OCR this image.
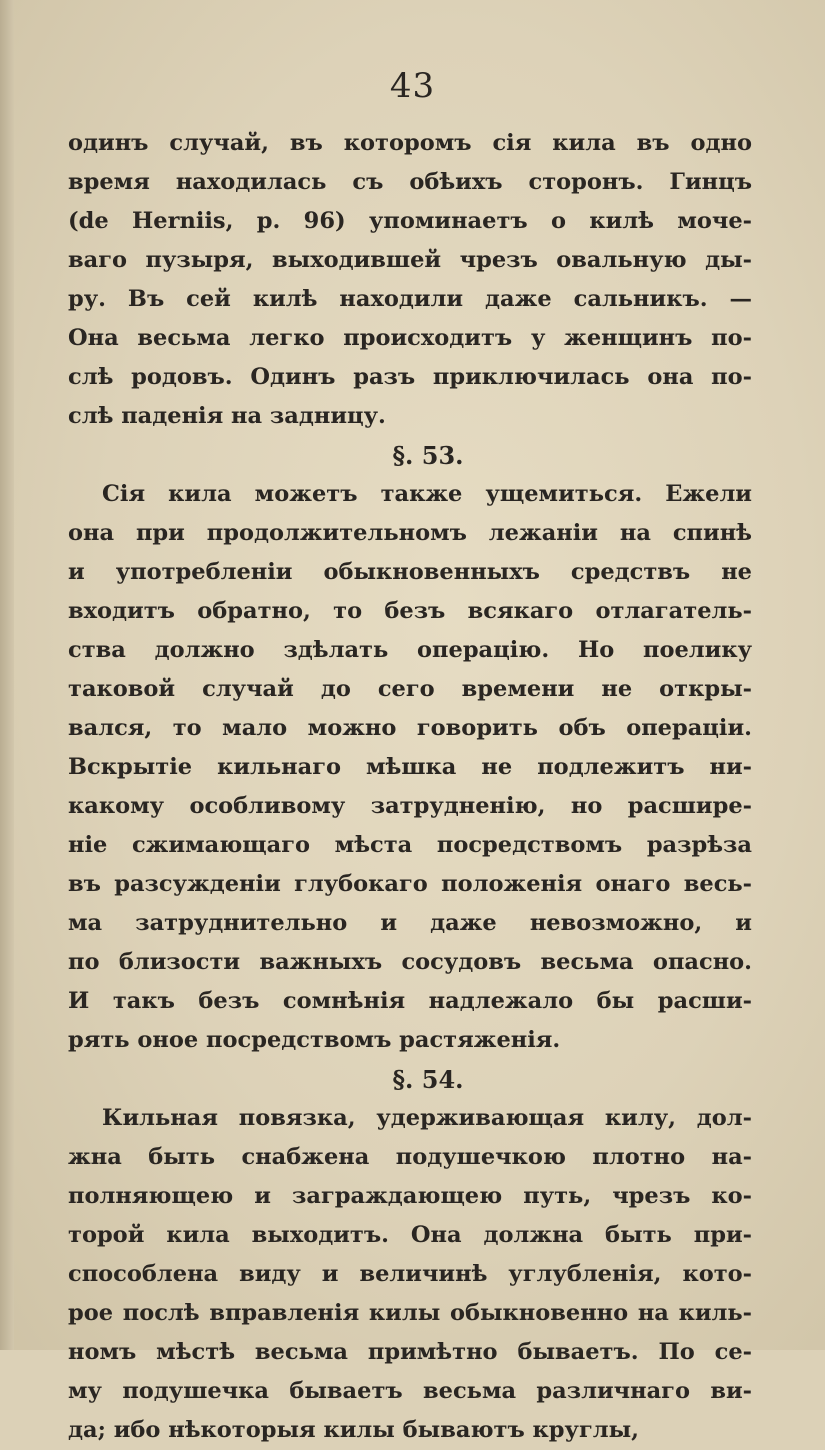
43
одинъ случай, въ которомъ сія кила въ одно
время находилась съ обѣихъ сторонъ. Гинцъ
(de Herniis, p. 96) упоминаетъ о килѣ моче-
ваго пузыря, выходившей чрезъ овальную ды-
ру. Въ сей килѣ находили даже сальникъ. —
Она весьма легко происходитъ у женщинъ по-
слѣ родовъ. Одинъ разъ приключилась она по-
слѣ паденія на задницу.
§. 53.
Сія кила можетъ также ущемиться. Ежели
она при продолжительномъ лежаніи на спинѣ
и употребленіи обыкновенныхъ средствъ не
входитъ обратно, то безъ всякаго отлагатель-
ства должно здѣлать операцію. Но поелику
таковой случай до сего времени не откры-
вался, то мало можно говорить объ операціи.
Вскрытіе кильнаго мѣшка не подлежитъ ни-
какому особливому затрудненію, но расшире-
ніе сжимающаго мѣста посредствомъ разрѣза
въ разсужденіи глубокаго положенія онаго весь-
ма затруднительно и даже невозможно, и
по близости важныхъ сосудовъ весьма опасно.
И такъ безъ сомнѣнія надлежало бы расши-
рять оное посредствомъ растяженія.
§. 54.
Кильная повязка, удерживающая килу, дол-
жна быть снабжена подушечкою плотно на-
полняющею и заграждающею путь, чрезъ ко-
торой кила выходитъ. Она должна быть при-
способлена виду и величинѣ углубленія, кото-
рое послѣ вправленія килы обыкновенно на киль-
номъ мѣстѣ весьма примѣтно бываетъ. По се-
му подушечка бываетъ весьма различнаго ви-
да; ибо нѣкоторыя килы бываютъ круглы,
